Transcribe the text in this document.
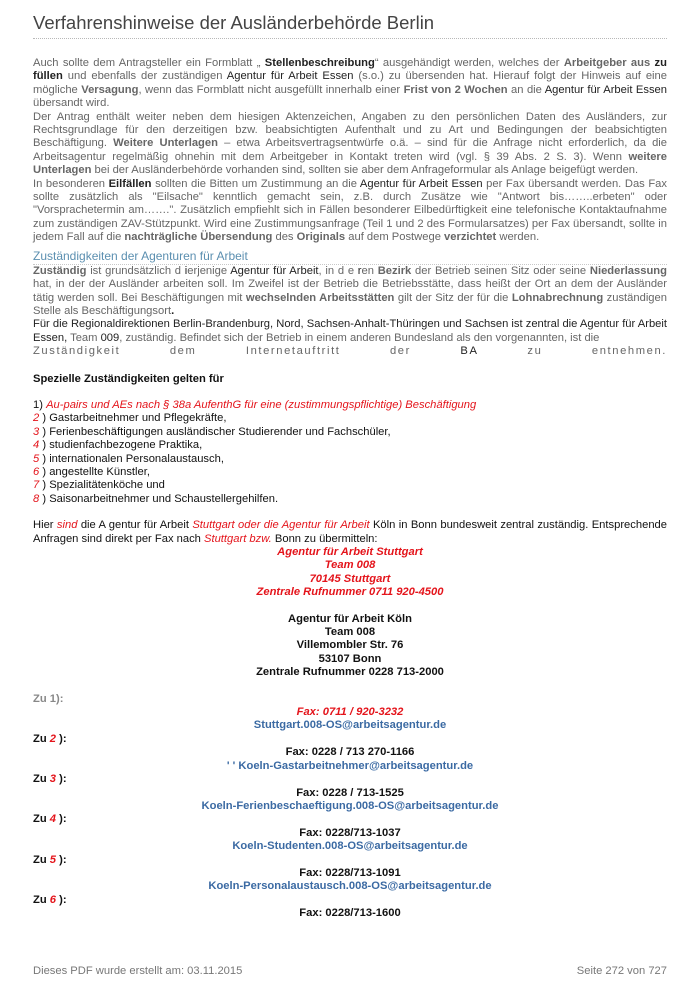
Verfahrenshinweise der Ausländerbehörde Berlin

Auch sollte dem Antragsteller ein Formblatt „ Stellenbeschreibung“ ausgehändigt werden, welches der Arbeitgeber aus zu füllen und ebenfalls der zuständigen Agentur für Arbeit Essen (s.o.) zu übersenden hat. Hierauf folgt der Hinweis auf eine mögliche Versagung, wenn das Formblatt nicht ausgefüllt innerhalb einer Frist von 2 Wochen an die Agentur für Arbeit Essen übersandt wird.

Der Antrag enthält weiter neben dem hiesigen Aktenzeichen, Angaben zu den persönlichen Daten des Ausländers, zur Rechtsgrundlage für den derzeitigen bzw. beabsichtigten Aufenthalt und zu Art und Bedingungen der beabsichtigten Beschäftigung. Weitere Unterlagen – etwa Arbeitsvertragsentwürfe o.ä. – sind für die Anfrage nicht erforderlich, da die Arbeitsagentur regelmäßig ohnehin mit dem Arbeitgeber in Kontakt treten wird (vgl. § 39 Abs. 2 S. 3). Wenn weitere Unterlagen bei der Ausländerbehörde vorhanden sind, sollten sie aber dem Anfrageformular als Anlage beigefügt werden.

In besonderen Eilfällen sollten die Bitten um Zustimmung an die Agentur für Arbeit Essen per Fax übersandt werden. Das Fax sollte zusätzlich als "Eilsache" kenntlich gemacht sein, z.B. durch Zusätze wie "Antwort bis……..erbeten" oder "Vorsprachetermin am…….". Zusätzlich empfiehlt sich in Fällen besonderer Eilbedürftigkeit eine telefonische Kontaktaufnahme zum zuständigen ZAV-Stützpunkt. Wird eine Zustimmungsanfrage (Teil 1 und 2 des Formularsatzes) per Fax übersandt, sollte in jedem Fall auf die nachträgliche Übersendung des Originals auf dem Postwege verzichtet werden.

Zuständigkeiten der Agenturen für Arbeit

Zuständig ist grundsätzlich d ierjenige Agentur für Arbeit, in d e ren Bezirk der Betrieb seinen Sitz oder seine Niederlassung hat, in der der Ausländer arbeiten soll. Im Zweifel ist der Betrieb die Betriebsstätte, dass heißt der Ort an dem der Ausländer tätig werden soll. Bei Beschäftigungen mit wechselnden Arbeitsstätten gilt der Sitz der für die Lohnabrechnung zuständigen Stelle als Beschäftigungsort.

Für die Regionaldirektionen Berlin-Brandenburg, Nord, Sachsen-Anhalt-Thüringen und Sachsen ist zentral die Agentur für Arbeit Essen, Team 009, zuständig. Befindet sich der Betrieb in einem anderen Bundesland als den vorgenannten, ist die

Zuständigkeit dem Internetauftritt der BA zu entnehmen.

Spezielle Zuständigkeiten gelten für
1) Au-pairs und AEs nach § 38a AufenthG für eine (zustimmungspflichtige) Beschäftigung
2 ) Gastarbeitnehmer und Pflegekräfte,
3 ) Ferienbeschäftigungen ausländischer Studierender und Fachschüler,
4 ) studienfachbezogene Praktika,
5 ) internationalen Personalaustausch,
6 ) angestellte Künstler,
7 ) Spezialitätenköche und
8 ) Saisonarbeitnehmer und Schaustellergehilfen.

Hier sind die A gentur für Arbeit Stuttgart oder die Agentur für Arbeit Köln in Bonn bundesweit zentral zuständig. Entsprechende Anfragen sind direkt per Fax nach Stuttgart bzw. Bonn zu übermitteln:

Agentur für Arbeit Stuttgart
Team 008
70145 Stuttgart
Zentrale Rufnummer 0711 920-4500
Agentur für Arbeit Köln
Team 008
Villemombler Str. 76
53107 Bonn
Zentrale Rufnummer 0228 713-2000
Zu 1):
Fax: 0711 / 920-3232
Stuttgart.008-OS@arbeitsagentur.de
Zu 2 ):
Fax: 0228 / 713 270-1166
' ' Koeln-Gastarbeitnehmer@arbeitsagentur.de
Zu 3 ):
Fax: 0228 / 713-1525
Koeln-Ferienbeschaeftigung.008-OS@arbeitsagentur.de
Zu 4 ):
Fax: 0228/713-1037
Koeln-Studenten.008-OS@arbeitsagentur.de
Zu 5 ):
Fax: 0228/713-1091
Koeln-Personalaustausch.008-OS@arbeitsagentur.de
Zu 6 ):
Fax: 0228/713-1600
Dieses PDF wurde erstellt am: 03.11.2015	Seite 272 von 727
